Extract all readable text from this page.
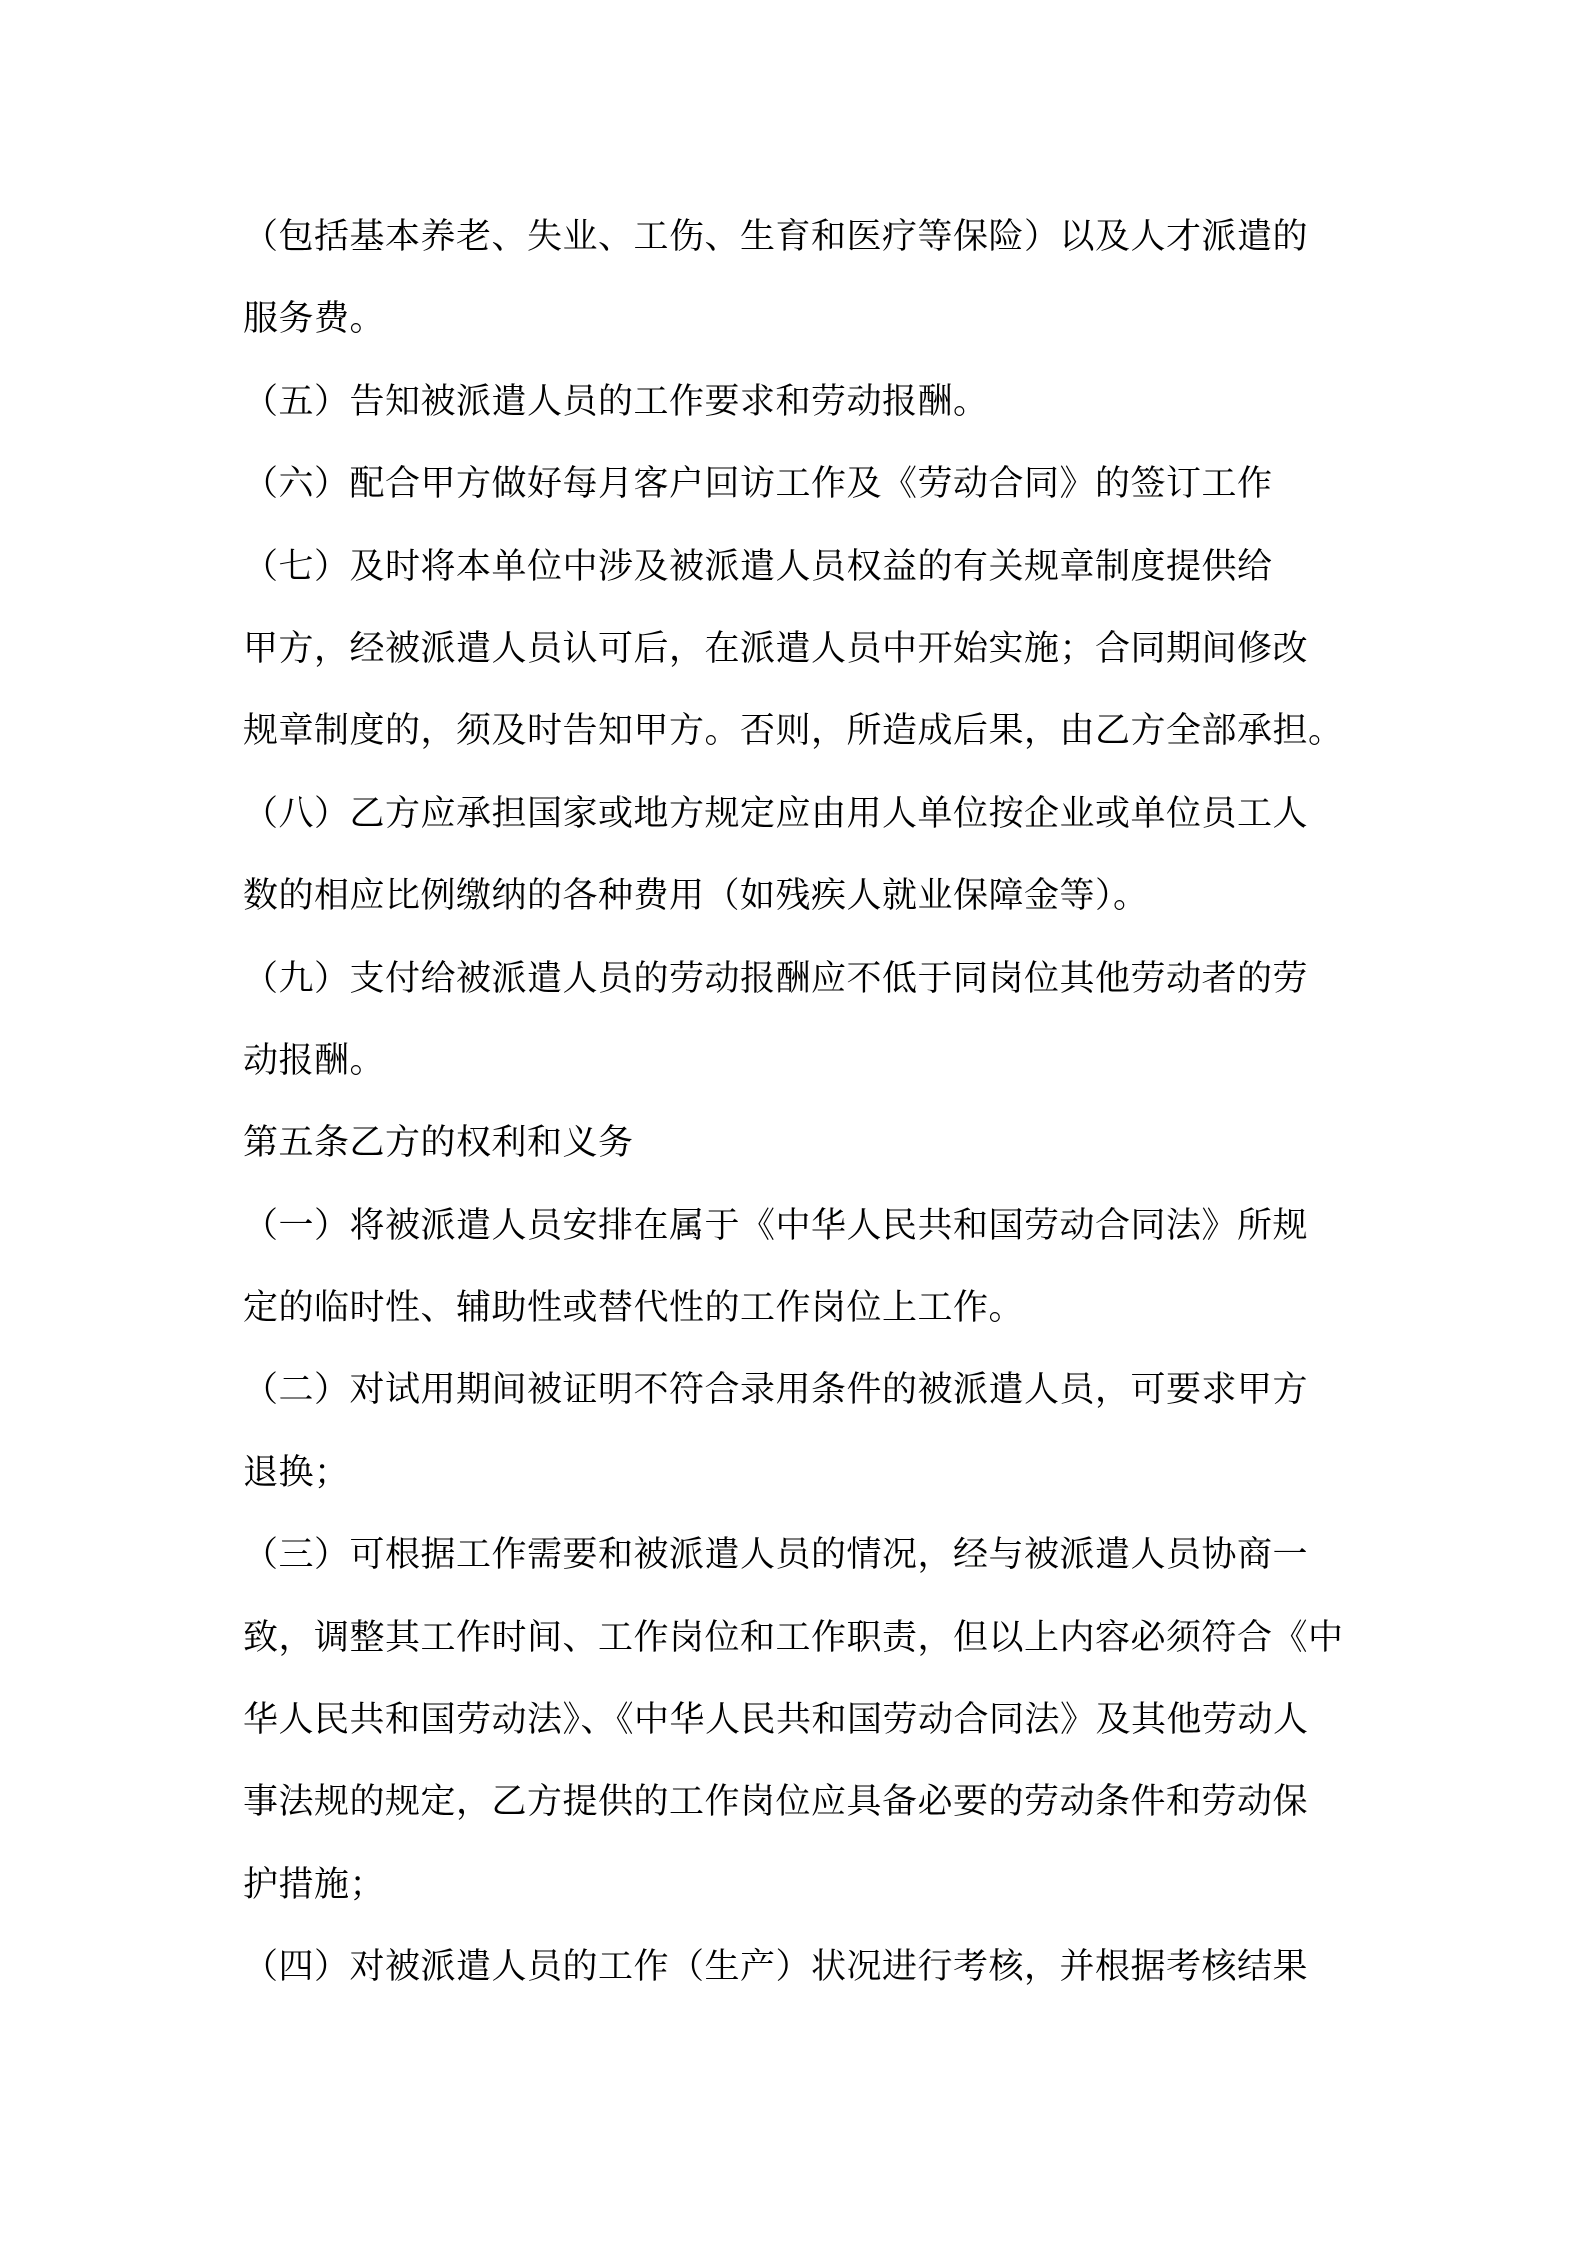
（包括基本养老、失业、工伤、生育和医疗等保险）以及人才派遣的
服务费。
（五）告知被派遣人员的工作要求和劳动报酬。
（六）配合甲方做好每月客户回访工作及《劳动合同》的签订工作
（七）及时将本单位中涉及被派遣人员权益的有关规章制度提供给
甲方，经被派遣人员认可后，在派遣人员中开始实施；合同期间修改
规章制度的，须及时告知甲方。否则，所造成后果，由乙方全部承担。
（八）乙方应承担国家或地方规定应由用人单位按企业或单位员工人
数的相应比例缴纳的各种费用（如残疾人就业保障金等）。
（九）支付给被派遣人员的劳动报酬应不低于同岗位其他劳动者的劳
动报酬。
第五条乙方的权利和义务
（一）将被派遣人员安排在属于《中华人民共和国劳动合同法》所规
定的临时性、辅助性或替代性的工作岗位上工作。
（二）对试用期间被证明不符合录用条件的被派遣人员，可要求甲方
退换；
（三）可根据工作需要和被派遣人员的情况，经与被派遣人员协商一
致，调整其工作时间、工作岗位和工作职责，但以上内容必须符合《中
华人民共和国劳动法》、《中华人民共和国劳动合同法》及其他劳动人
事法规的规定，乙方提供的工作岗位应具备必要的劳动条件和劳动保
护措施；
（四）对被派遣人员的工作（生产）状况进行考核，并根据考核结果
